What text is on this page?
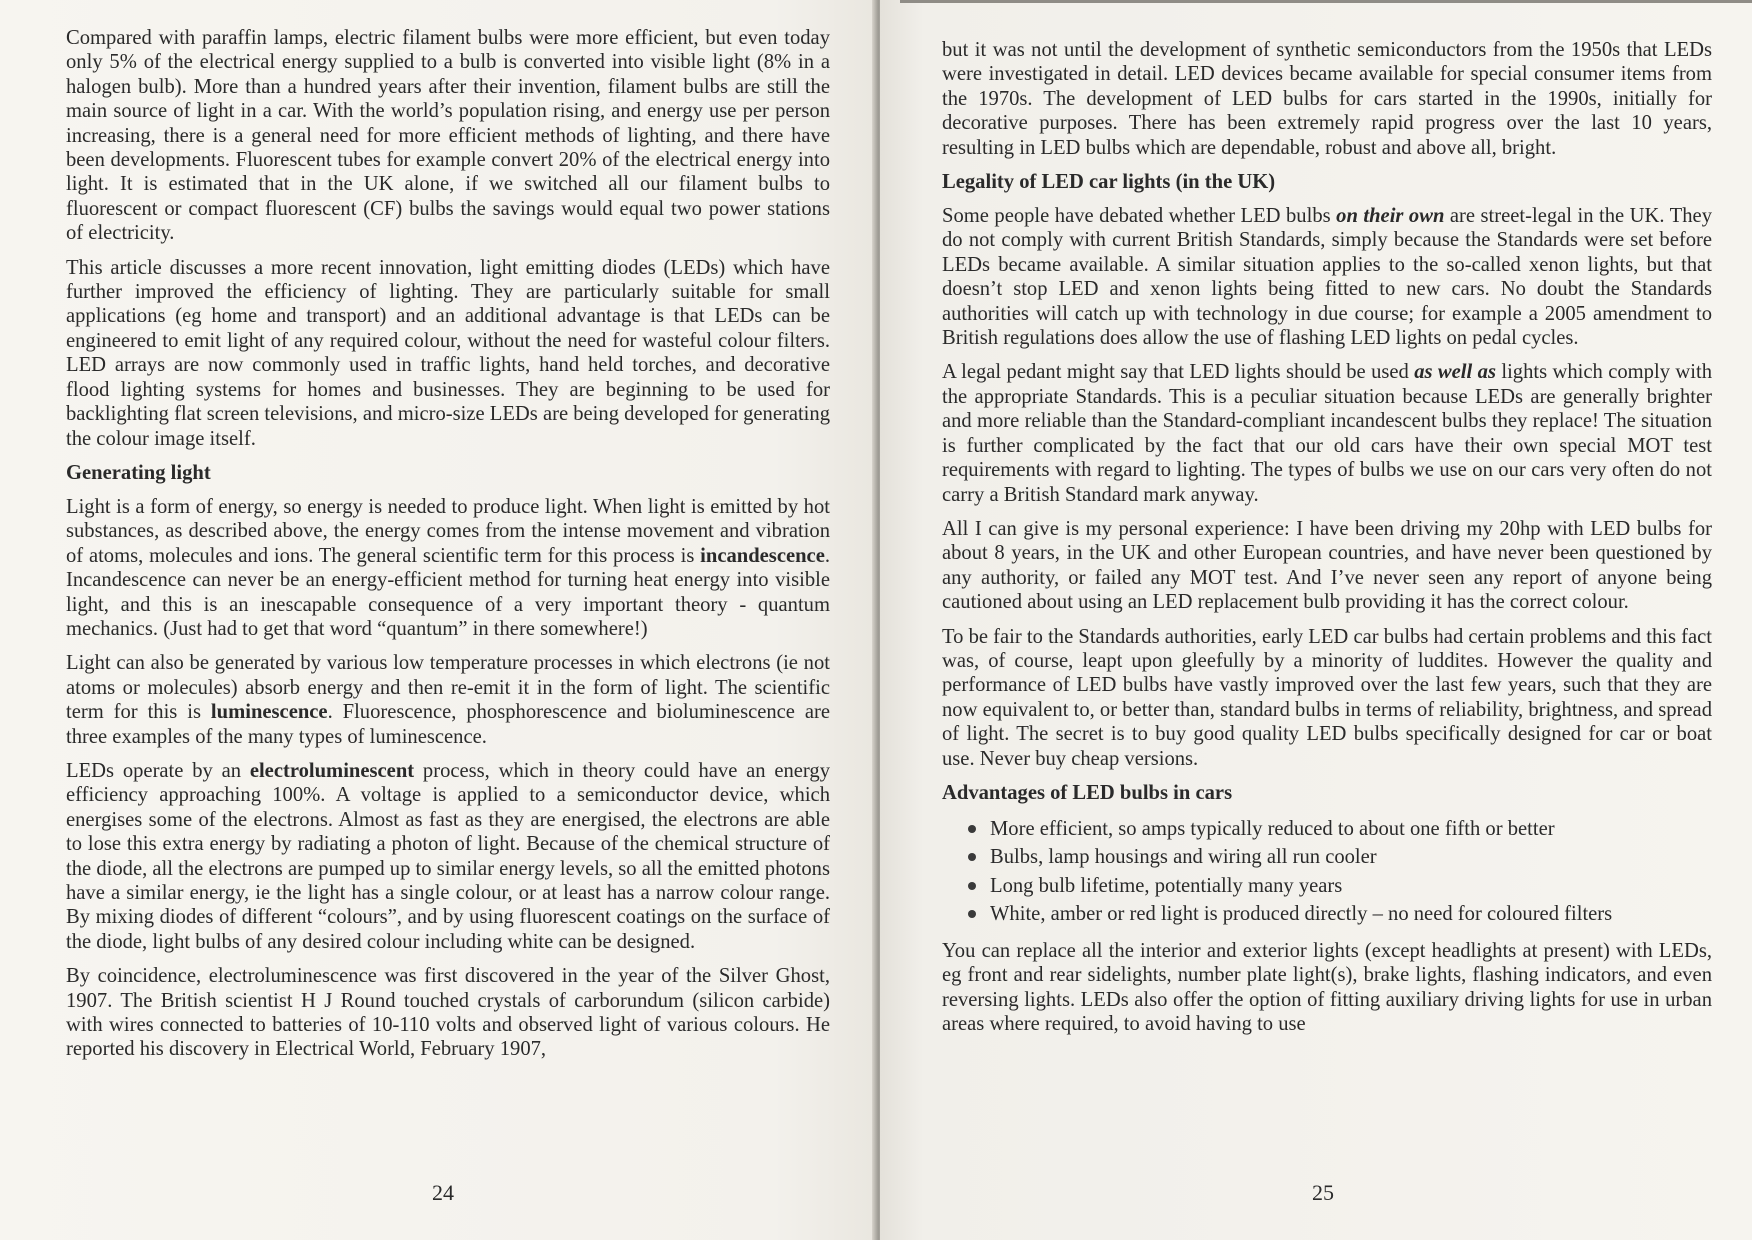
Compared with paraffin lamps, electric filament bulbs were more efficient, but even today only 5% of the electrical energy supplied to a bulb is converted into visible light (8% in a halogen bulb). More than a hundred years after their invention, filament bulbs are still the main source of light in a car. With the world’s population rising, and energy use per person increasing, there is a general need for more efficient methods of lighting, and there have been developments. Fluorescent tubes for example convert 20% of the electrical energy into light. It is estimated that in the UK alone, if we switched all our filament bulbs to fluorescent or compact fluorescent (CF) bulbs the savings would equal two power stations of electricity.

This article discusses a more recent innovation, light emitting diodes (LEDs) which have further improved the efficiency of lighting. They are particularly suitable for small applications (eg home and transport) and an additional advantage is that LEDs can be engineered to emit light of any required colour, without the need for wasteful colour filters. LED arrays are now commonly used in traffic lights, hand held torches, and decorative flood lighting systems for homes and businesses. They are beginning to be used for backlighting flat screen televisions, and micro-size LEDs are being developed for generating the colour image itself.

Generating light

Light is a form of energy, so energy is needed to produce light. When light is emitted by hot substances, as described above, the energy comes from the intense movement and vibration of atoms, molecules and ions. The general scientific term for this process is incandescence. Incandescence can never be an energy-efficient method for turning heat energy into visible light, and this is an inescapable consequence of a very important theory - quantum mechanics. (Just had to get that word “quantum” in there somewhere!)

Light can also be generated by various low temperature processes in which electrons (ie not atoms or molecules) absorb energy and then re-emit it in the form of light. The scientific term for this is luminescence. Fluorescence, phosphorescence and bioluminescence are three examples of the many types of luminescence.

LEDs operate by an electroluminescent process, which in theory could have an energy efficiency approaching 100%. A voltage is applied to a semiconductor device, which energises some of the electrons. Almost as fast as they are energised, the electrons are able to lose this extra energy by radiating a photon of light. Because of the chemical structure of the diode, all the electrons are pumped up to similar energy levels, so all the emitted photons have a similar energy, ie the light has a single colour, or at least has a narrow colour range. By mixing diodes of different “colours”, and by using fluorescent coatings on the surface of the diode, light bulbs of any desired colour including white can be designed.

By coincidence, electroluminescence was first discovered in the year of the Silver Ghost, 1907. The British scientist H J Round touched crystals of carborundum (silicon carbide) with wires connected to batteries of 10-110 volts and observed light of various colours. He reported his discovery in Electrical World, February 1907,

24

but it was not until the development of synthetic semiconductors from the 1950s that LEDs were investigated in detail. LED devices became available for special consumer items from the 1970s. The development of LED bulbs for cars started in the 1990s, initially for decorative purposes. There has been extremely rapid progress over the last 10 years, resulting in LED bulbs which are dependable, robust and above all, bright.

Legality of LED car lights (in the UK)

Some people have debated whether LED bulbs on their own are street-legal in the UK. They do not comply with current British Standards, simply because the Standards were set before LEDs became available. A similar situation applies to the so-called xenon lights, but that doesn’t stop LED and xenon lights being fitted to new cars. No doubt the Standards authorities will catch up with technology in due course; for example a 2005 amendment to British regulations does allow the use of flashing LED lights on pedal cycles.

A legal pedant might say that LED lights should be used as well as lights which comply with the appropriate Standards. This is a peculiar situation because LEDs are generally brighter and more reliable than the Standard-compliant incandescent bulbs they replace! The situation is further complicated by the fact that our old cars have their own special MOT test requirements with regard to lighting. The types of bulbs we use on our cars very often do not carry a British Standard mark anyway.

All I can give is my personal experience: I have been driving my 20hp with LED bulbs for about 8 years, in the UK and other European countries, and have never been questioned by any authority, or failed any MOT test. And I’ve never seen any report of anyone being cautioned about using an LED replacement bulb providing it has the correct colour.

To be fair to the Standards authorities, early LED car bulbs had certain problems and this fact was, of course, leapt upon gleefully by a minority of luddites. However the quality and performance of LED bulbs have vastly improved over the last few years, such that they are now equivalent to, or better than, standard bulbs in terms of reliability, brightness, and spread of light. The secret is to buy good quality LED bulbs specifically designed for car or boat use. Never buy cheap versions.

Advantages of LED bulbs in cars
More efficient, so amps typically reduced to about one fifth or better
Bulbs, lamp housings and wiring all run cooler
Long bulb lifetime, potentially many years
White, amber or red light is produced directly – no need for coloured filters

You can replace all the interior and exterior lights (except headlights at present) with LEDs, eg front and rear sidelights, number plate light(s), brake lights, flashing indicators, and even reversing lights. LEDs also offer the option of fitting auxiliary driving lights for use in urban areas where required, to avoid having to use

25
